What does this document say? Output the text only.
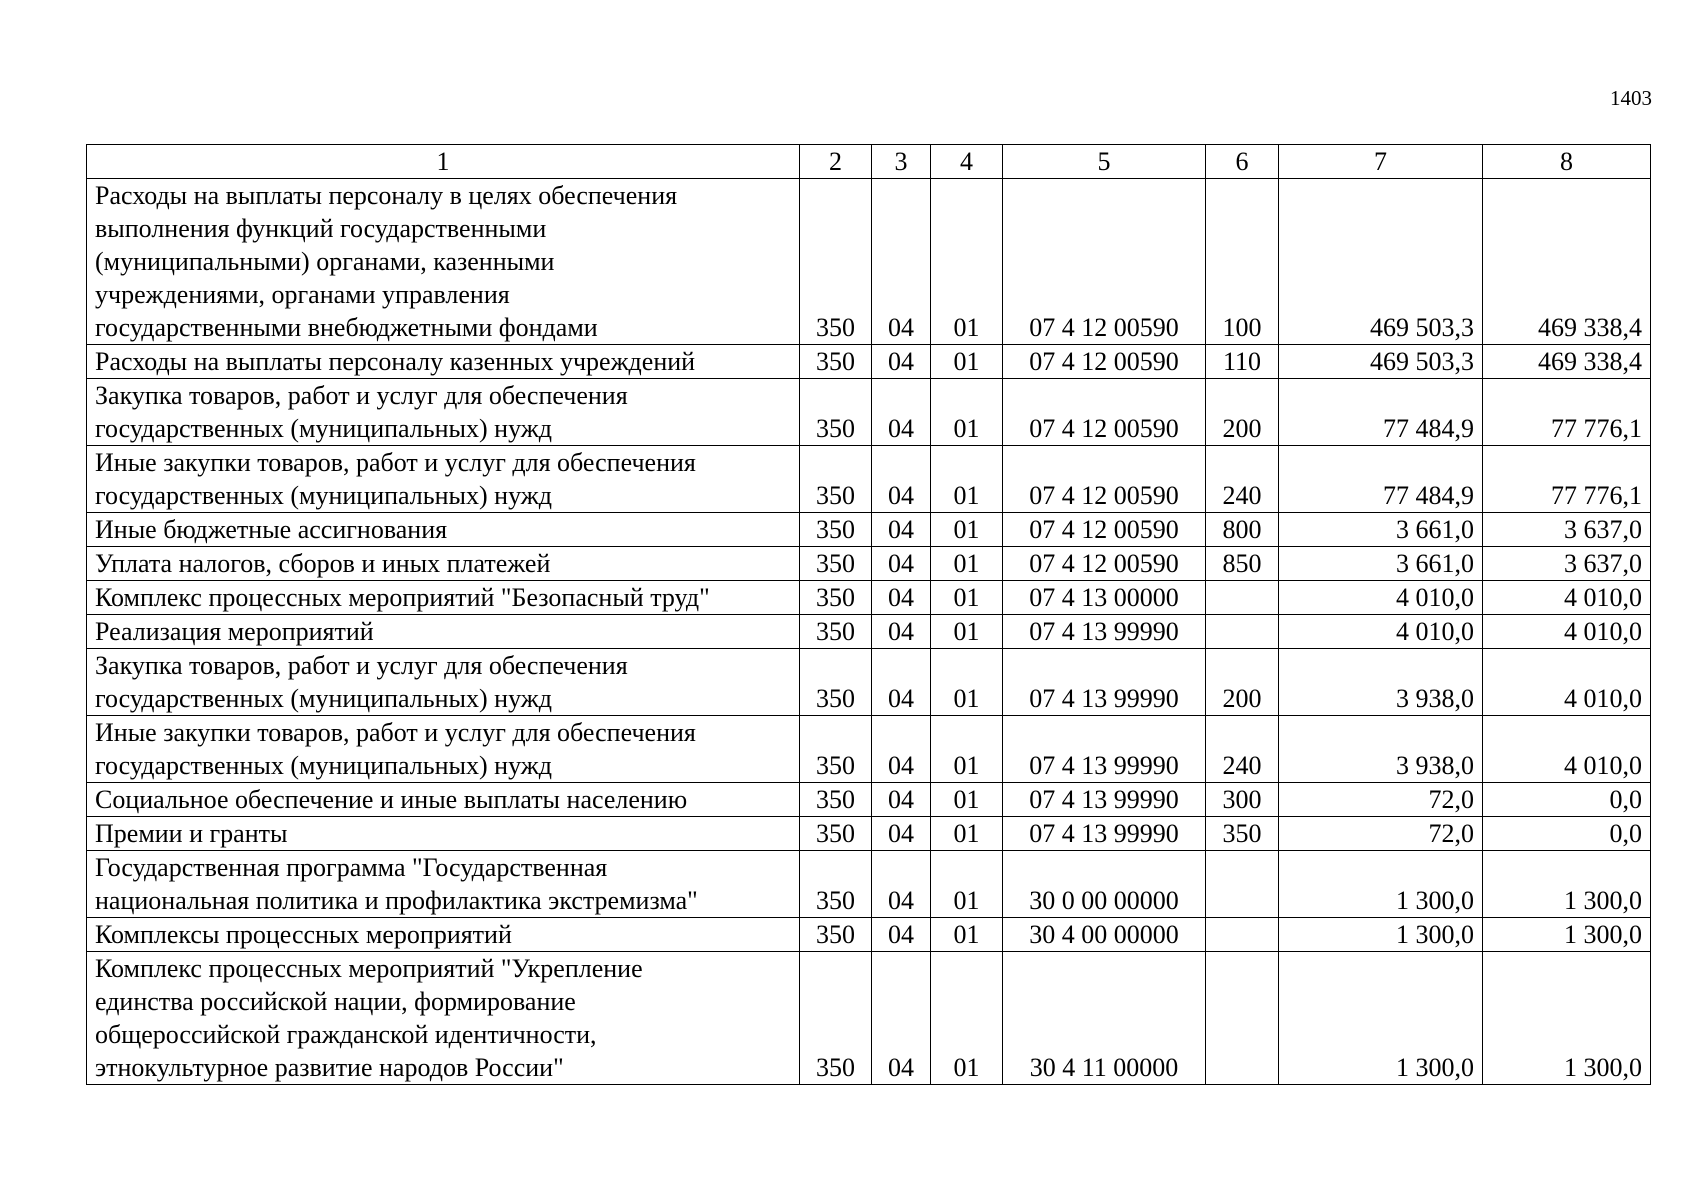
1403
1	2	3	4	5	6	7	8
Расходы на выплаты персоналу в целях обеспечения
выполнения функций государственными
(муниципальными) органами, казенными
учреждениями, органами управления
государственными внебюджетными фондами	350	04	01	07 4 12 00590	100	469 503,3	469 338,4
Расходы на выплаты персоналу казенных учреждений	350	04	01	07 4 12 00590	110	469 503,3	469 338,4
Закупка товаров, работ и услуг для обеспечения
государственных (муниципальных) нужд	350	04	01	07 4 12 00590	200	77 484,9	77 776,1
Иные закупки товаров, работ и услуг для обеспечения
государственных (муниципальных) нужд	350	04	01	07 4 12 00590	240	77 484,9	77 776,1
Иные бюджетные ассигнования	350	04	01	07 4 12 00590	800	3 661,0	3 637,0
Уплата налогов, сборов и иных платежей	350	04	01	07 4 12 00590	850	3 661,0	3 637,0
Комплекс процессных мероприятий "Безопасный труд"	350	04	01	07 4 13 00000		4 010,0	4 010,0
Реализация мероприятий	350	04	01	07 4 13 99990		4 010,0	4 010,0
Закупка товаров, работ и услуг для обеспечения
государственных (муниципальных) нужд	350	04	01	07 4 13 99990	200	3 938,0	4 010,0
Иные закупки товаров, работ и услуг для обеспечения
государственных (муниципальных) нужд	350	04	01	07 4 13 99990	240	3 938,0	4 010,0
Социальное обеспечение и иные выплаты населению	350	04	01	07 4 13 99990	300	72,0	0,0
Премии и гранты	350	04	01	07 4 13 99990	350	72,0	0,0
Государственная программа "Государственная
национальная политика и профилактика экстремизма"	350	04	01	30 0 00 00000		1 300,0	1 300,0
Комплексы процессных мероприятий	350	04	01	30 4 00 00000		1 300,0	1 300,0
Комплекс процессных мероприятий "Укрепление
единства российской нации, формирование
общероссийской гражданской идентичности,
этнокультурное развитие народов России"	350	04	01	30 4 11 00000		1 300,0	1 300,0
